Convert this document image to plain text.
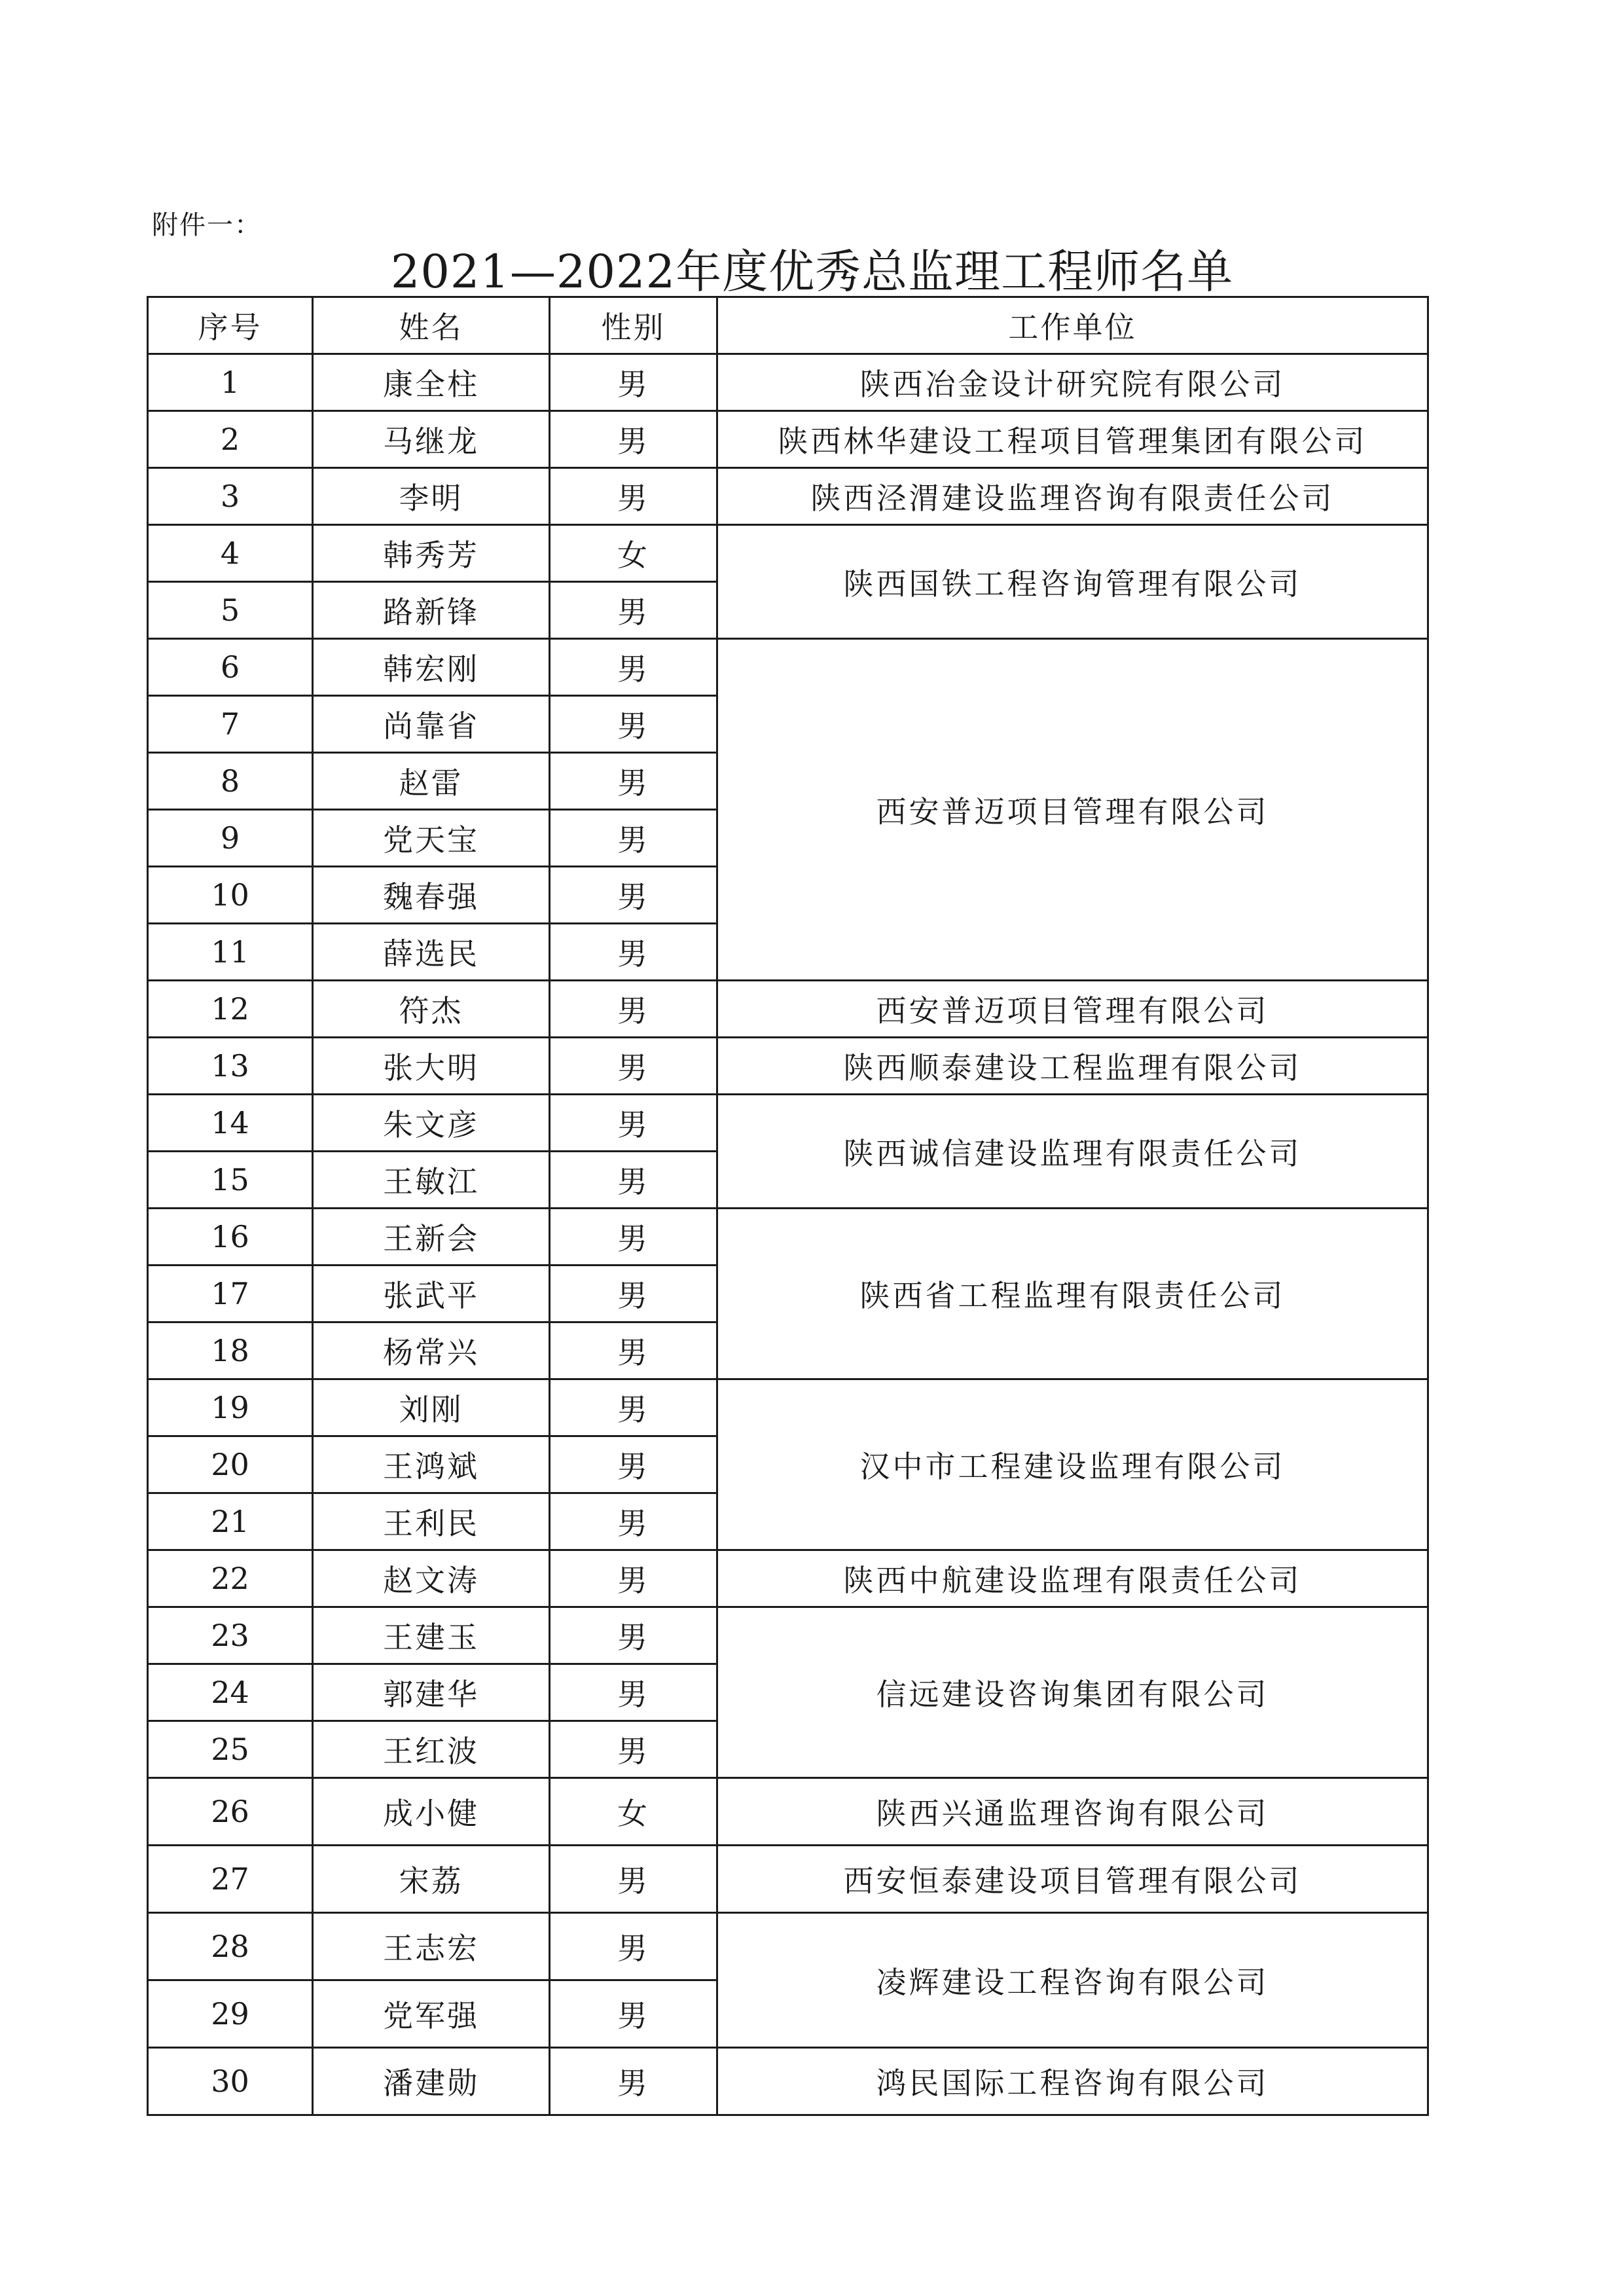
附件一：
2021—2022年度优秀总监理工程师名单
序号	姓名	性别	工作单位
1	康全柱	男	陕西冶金设计研究院有限公司
2	马继龙	男	陕西林华建设工程项目管理集团有限公司
3	李明	男	陕西泾渭建设监理咨询有限责任公司
4	韩秀芳	女	陕西国铁工程咨询管理有限公司
5	路新锋	男	
6	韩宏刚	男	西安普迈项目管理有限公司
7	尚靠省	男	
8	赵雷	男	
9	党天宝	男	
10	魏春强	男	
11	薛选民	男	
12	符杰	男	西安普迈项目管理有限公司
13	张大明	男	陕西顺泰建设工程监理有限公司
14	朱文彦	男	陕西诚信建设监理有限责任公司
15	王敏江	男	
16	王新会	男	陕西省工程监理有限责任公司
17	张武平	男	
18	杨常兴	男	
19	刘刚	男	汉中市工程建设监理有限公司
20	王鸿斌	男	
21	王利民	男	
22	赵文涛	男	陕西中航建设监理有限责任公司
23	王建玉	男	信远建设咨询集团有限公司
24	郭建华	男	
25	王红波	男	
26	成小健	女	陕西兴通监理咨询有限公司
27	宋荔	男	西安恒泰建设项目管理有限公司
28	王志宏	男	凌辉建设工程咨询有限公司
29	党军强	男	
30	潘建勋	男	鸿民国际工程咨询有限公司
